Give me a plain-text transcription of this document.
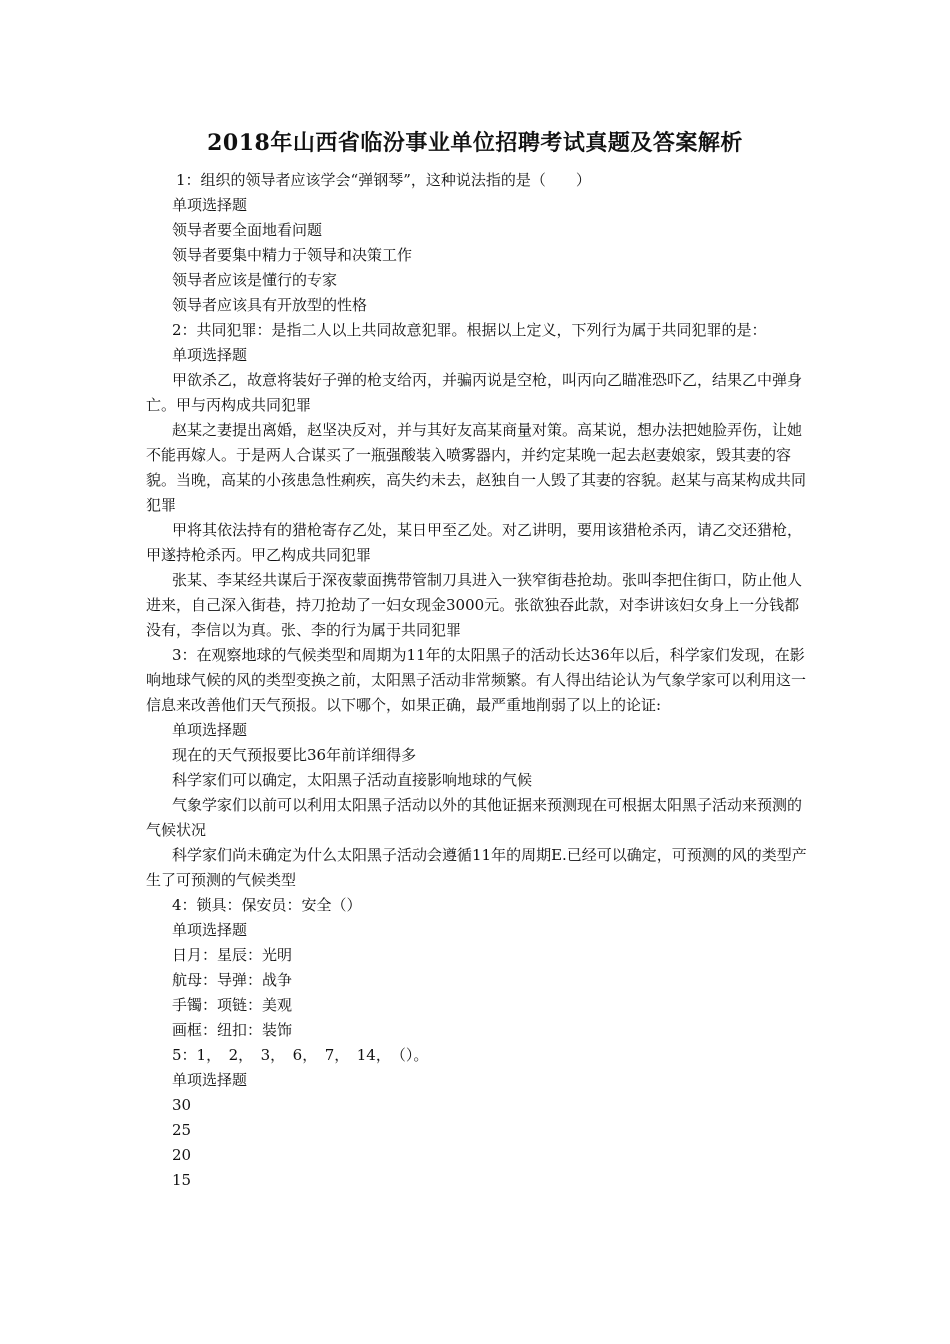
2018年山西省临汾事业单位招聘考试真题及答案解析

1：组织的领导者应该学会“弹钢琴”，这种说法指的是（　　）

单项选择题

领导者要全面地看问题

领导者要集中精力于领导和决策工作

领导者应该是懂行的专家

领导者应该具有开放型的性格

2：共同犯罪：是指二人以上共同故意犯罪。根据以上定义，下列行为属于共同犯罪的是：

单项选择题

甲欲杀乙，故意将装好子弹的枪支给丙，并骗丙说是空枪，叫丙向乙瞄准恐吓乙，结果乙中弹身亡。甲与丙构成共同犯罪

赵某之妻提出离婚，赵坚决反对，并与其好友高某商量对策。高某说，想办法把她脸弄伤，让她不能再嫁人。于是两人合谋买了一瓶强酸装入喷雾器内，并约定某晚一起去赵妻娘家，毁其妻的容貌。当晚，高某的小孩患急性痢疾，高失约未去，赵独自一人毁了其妻的容貌。赵某与高某构成共同犯罪

甲将其依法持有的猎枪寄存乙处，某日甲至乙处。对乙讲明，要用该猎枪杀丙，请乙交还猎枪，甲遂持枪杀丙。甲乙构成共同犯罪

张某、李某经共谋后于深夜蒙面携带管制刀具进入一狭窄街巷抢劫。张叫李把住街口，防止他人进来，自己深入街巷，持刀抢劫了一妇女现金3000元。张欲独吞此款，对李讲该妇女身上一分钱都没有，李信以为真。张、李的行为属于共同犯罪

3：在观察地球的气候类型和周期为11年的太阳黑子的活动长达36年以后，科学家们发现，在影响地球气候的风的类型变换之前，太阳黑子活动非常频繁。有人得出结论认为气象学家可以利用这一信息来改善他们天气预报。以下哪个，如果正确，最严重地削弱了以上的论证:

单项选择题

现在的天气预报要比36年前详细得多

科学家们可以确定，太阳黑子活动直接影响地球的气候

气象学家们以前可以利用太阳黑子活动以外的其他证据来预测现在可根据太阳黑子活动来预测的气候状况

科学家们尚未确定为什么太阳黑子活动会遵循11年的周期E.已经可以确定，可预测的风的类型产生了可预测的气候类型

4：锁具：保安员：安全（）

单项选择题

日月：星辰：光明

航母：导弹：战争

手镯：项链：美观

画框：纽扣：装饰

5：1，　2，　3，　6，　7，　14，　（）。

单项选择题

30

25

20

15
